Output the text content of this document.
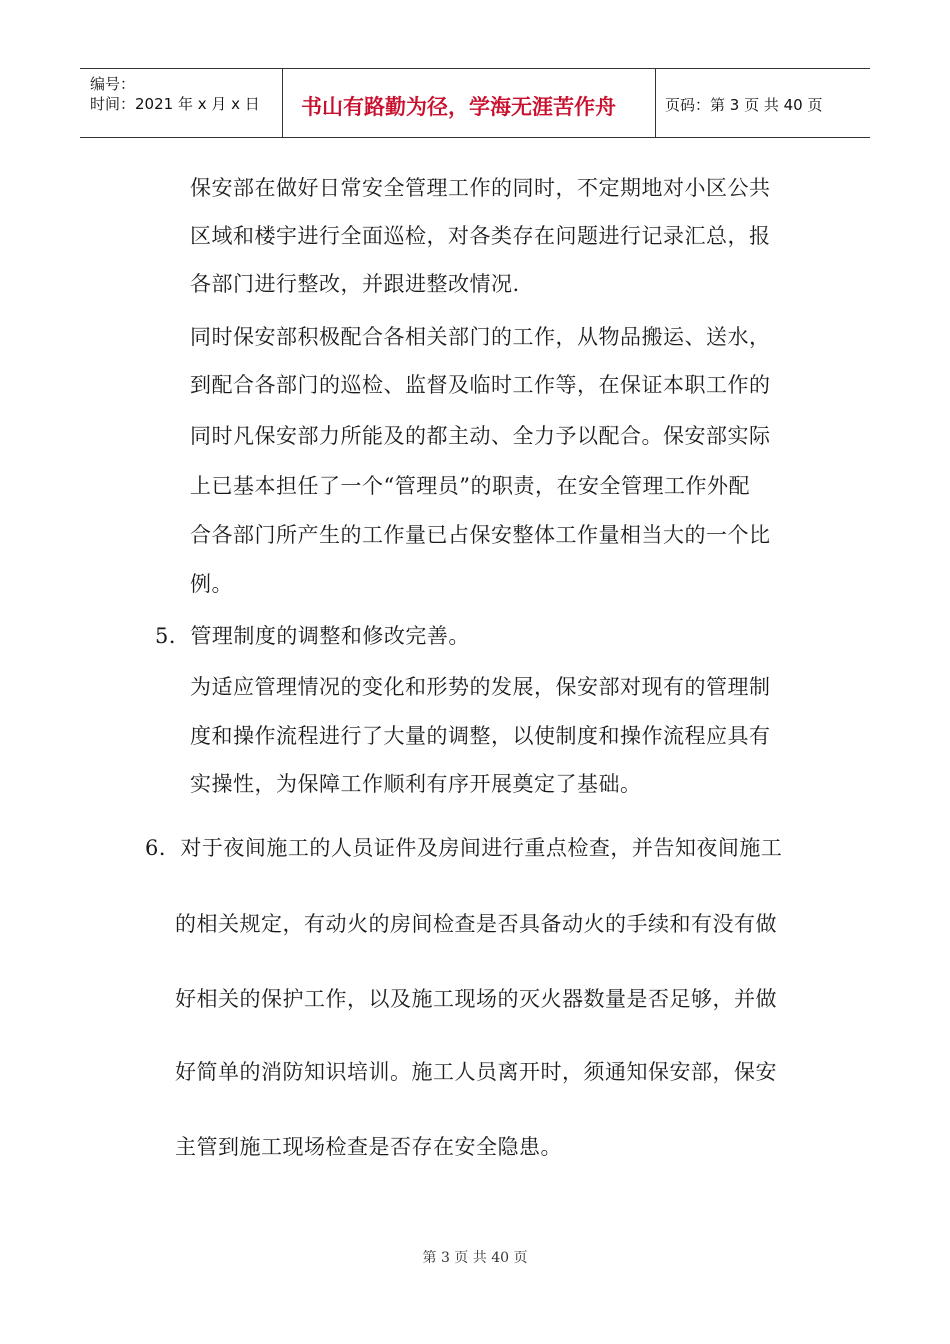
编号：
时间：2021 年 x 月 x 日 书山有路勤为径，学海无涯苦作舟	页码：第 3 页 共 40 页
保安部在做好日常安全管理工作的同时，不定期地对小区公共
区域和楼宇进行全面巡检，对各类存在问题进行记录汇总，报
各部门进行整改，并跟进整改情况.
同时保安部积极配合各相关部门的工作，从物品搬运、送水，
到配合各部门的巡检、监督及临时工作等，在保证本职工作的
同时凡保安部力所能及的都主动、全力予以配合。保安部实际
上已基本担任了一个“管理员”的职责，在安全管理工作外配
合各部门所产生的工作量已占保安整体工作量相当大的一个比
例。
5．管理制度的调整和修改完善。
为适应管理情况的变化和形势的发展，保安部对现有的管理制
度和操作流程进行了大量的调整，以使制度和操作流程应具有
实操性，为保障工作顺利有序开展奠定了基础。
6．对于夜间施工的人员证件及房间进行重点检查，并告知夜间施工
的相关规定，有动火的房间检查是否具备动火的手续和有没有做
好相关的保护工作，以及施工现场的灭火器数量是否足够，并做
好简单的消防知识培训。施工人员离开时，须通知保安部，保安
主管到施工现场检查是否存在安全隐患。
第 3 页 共 40 页
